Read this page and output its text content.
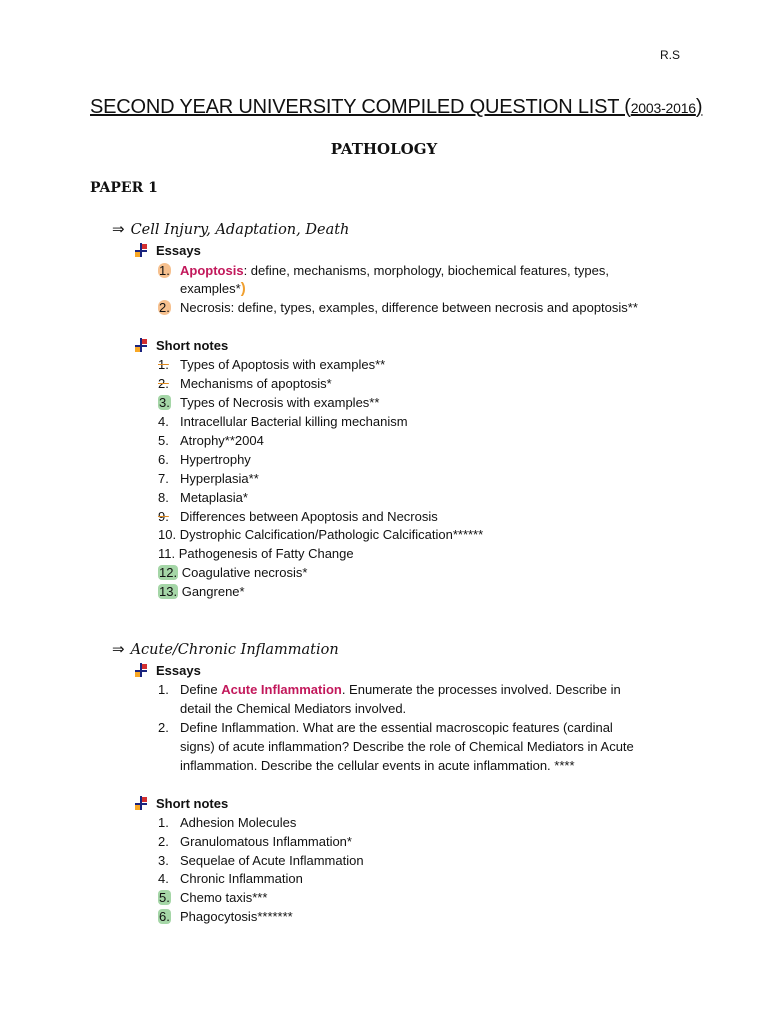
R.S
SECOND YEAR UNIVERSITY COMPILED QUESTION LIST (2003-2016)
PATHOLOGY
PAPER 1
⇒ Cell Injury, Adaptation, Death
Essays
1. Apoptosis: define, mechanisms, morphology, biochemical features, types,
examples*)
2. Necrosis: define, types, examples, difference between necrosis and apoptosis**
Short notes
1. Types of Apoptosis with examples**
2. Mechanisms of apoptosis*
3. Types of Necrosis with examples**
4. Intracellular Bacterial killing mechanism
5. Atrophy**2004
6. Hypertrophy
7. Hyperplasia**
8. Metaplasia*
9. Differences between Apoptosis and Necrosis
10. Dystrophic Calcification/Pathologic Calcification******
11. Pathogenesis of Fatty Change
12. Coagulative necrosis*
13. Gangrene*
⇒ Acute/Chronic Inflammation
Essays
1. Define Acute Inflammation. Enumerate the processes involved. Describe in
detail the Chemical Mediators involved.
2. Define Inflammation. What are the essential macroscopic features (cardinal
signs) of acute inflammation? Describe the role of Chemical Mediators in Acute
inflammation. Describe the cellular events in acute inflammation. ****
Short notes
1. Adhesion Molecules
2. Granulomatous Inflammation*
3. Sequelae of Acute Inflammation
4. Chronic Inflammation
5. Chemo taxis***
6. Phagocytosis*******
